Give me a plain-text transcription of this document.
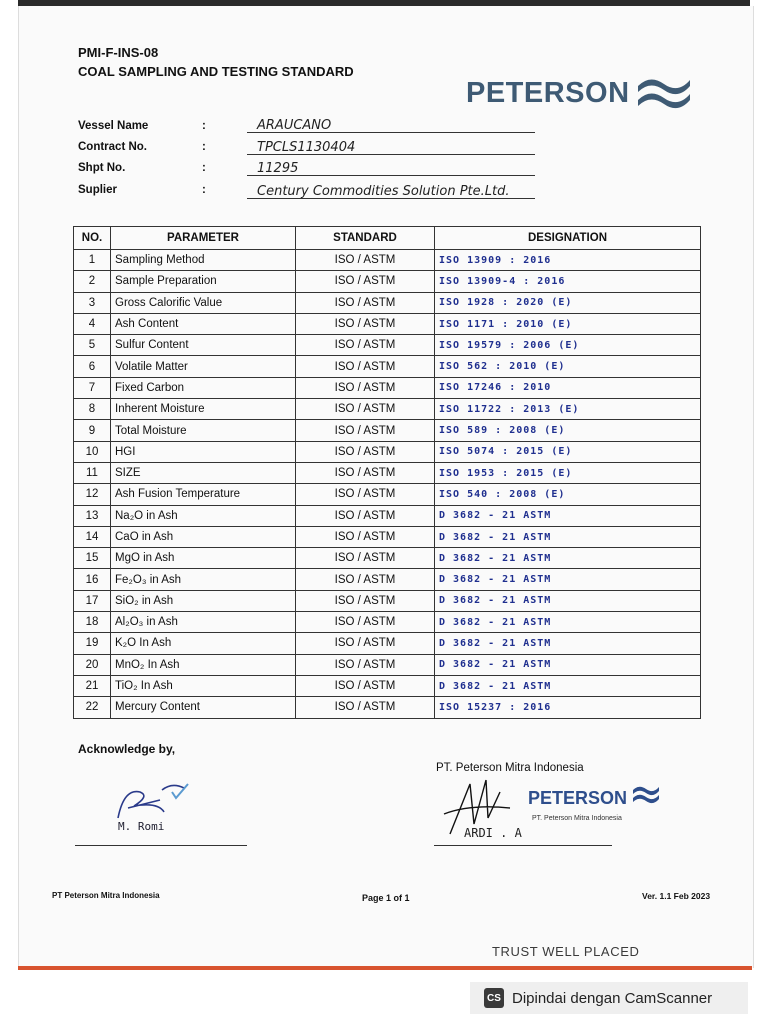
PMI-F-INS-08
COAL SAMPLING AND TESTING STANDARD
PETERSON
Vessel Name	:	ARAUCANO
Contract No.	:	TPCLS1130404
Shpt No.	:	11295
Suplier	:	Century Commodities Solution Pte.Ltd.
NO.	PARAMETER	STANDARD	DESIGNATION
1	Sampling Method	ISO / ASTM	ISO 13909 : 2016
2	Sample Preparation	ISO / ASTM	ISO 13909-4 : 2016
3	Gross Calorific Value	ISO / ASTM	ISO 1928 : 2020 (E)
4	Ash Content	ISO / ASTM	ISO 1171 : 2010 (E)
5	Sulfur Content	ISO / ASTM	ISO 19579 : 2006 (E)
6	Volatile Matter	ISO / ASTM	ISO 562 : 2010 (E)
7	Fixed Carbon	ISO / ASTM	ISO 17246 : 2010
8	Inherent Moisture	ISO / ASTM	ISO 11722 : 2013 (E)
9	Total Moisture	ISO / ASTM	ISO 589 : 2008 (E)
10	HGI	ISO / ASTM	ISO 5074 : 2015 (E)
11	SIZE	ISO / ASTM	ISO 1953 : 2015 (E)
12	Ash Fusion Temperature	ISO / ASTM	ISO 540 : 2008 (E)
13	Na₂O in Ash	ISO / ASTM	D 3682 - 21 ASTM
14	CaO in Ash	ISO / ASTM	D 3682 - 21 ASTM
15	MgO in Ash	ISO / ASTM	D 3682 - 21 ASTM
16	Fe₂O₃ in Ash	ISO / ASTM	D 3682 - 21 ASTM
17	SiO₂ in Ash	ISO / ASTM	D 3682 - 21 ASTM
18	Al₂O₃ in Ash	ISO / ASTM	D 3682 - 21 ASTM
19	K₂O In Ash	ISO / ASTM	D 3682 - 21 ASTM
20	MnO₂ In Ash	ISO / ASTM	D 3682 - 21 ASTM
21	TiO₂ In Ash	ISO / ASTM	D 3682 - 21 ASTM
22	Mercury Content	ISO / ASTM	ISO 15237 : 2016
Acknowledge by,
PT. Peterson Mitra Indonesia
M. Romi
PETERSON
PT. Peterson Mitra Indonesia
ARDI . A
PT Peterson Mitra Indonesia	Page 1 of 1	Ver. 1.1 Feb 2023
TRUST WELL PLACED
CS Dipindai dengan CamScanner
